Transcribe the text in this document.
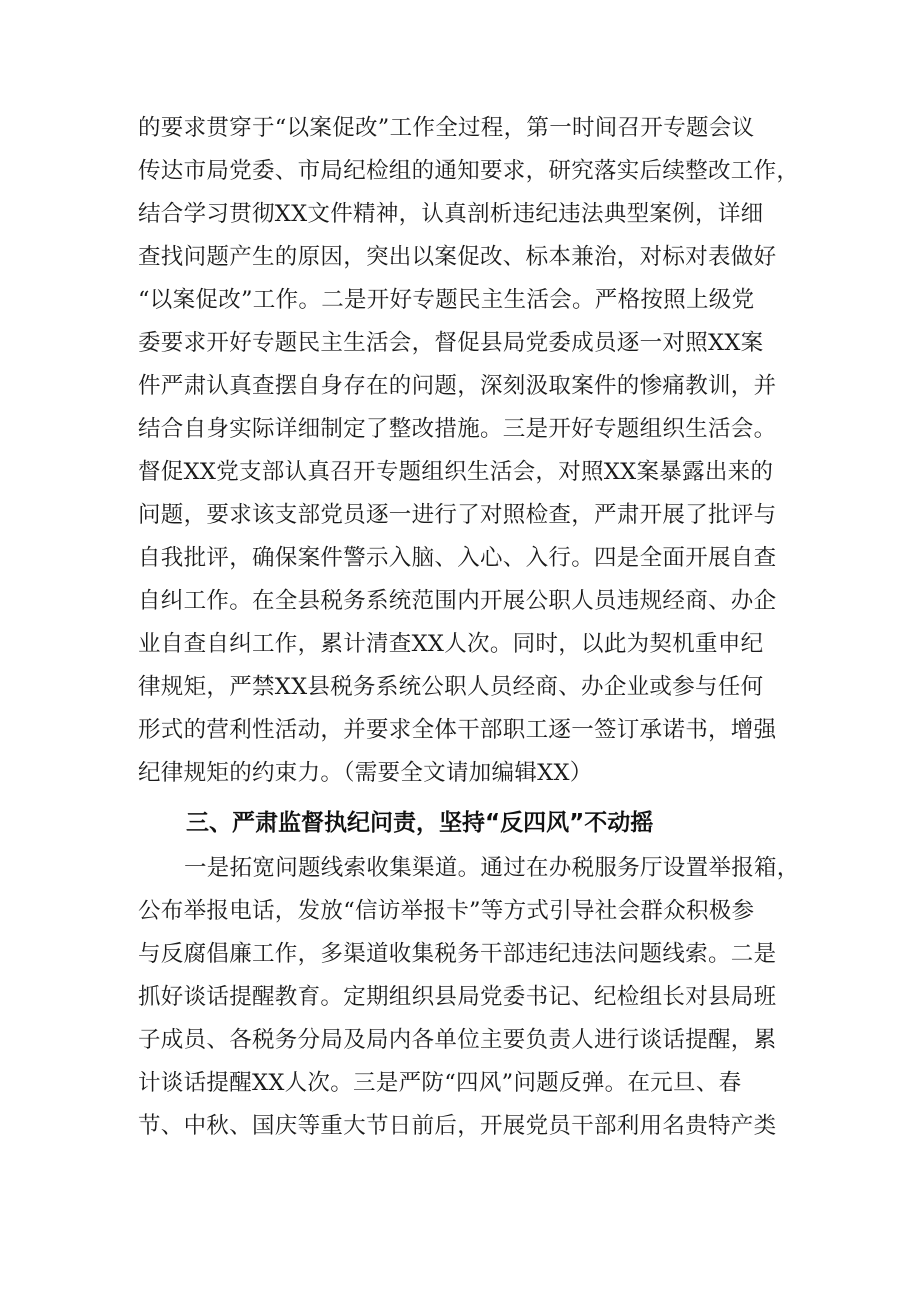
的要求贯穿于“以案促改”工作全过程，第一时间召开专题会议
传达市局党委、市局纪检组的通知要求，研究落实后续整改工作，
结合学习贯彻XX文件精神，认真剖析违纪违法典型案例，详细
查找问题产生的原因，突出以案促改、标本兼治，对标对表做好
“以案促改”工作。二是开好专题民主生活会。严格按照上级党
委要求开好专题民主生活会，督促县局党委成员逐一对照XX案
件严肃认真查摆自身存在的问题，深刻汲取案件的惨痛教训，并
结合自身实际详细制定了整改措施。三是开好专题组织生活会。
督促XX党支部认真召开专题组织生活会，对照XX案暴露出来的
问题，要求该支部党员逐一进行了对照检查，严肃开展了批评与
自我批评，确保案件警示入脑、入心、入行。四是全面开展自查
自纠工作。在全县税务系统范围内开展公职人员违规经商、办企
业自查自纠工作，累计清查XX人次。同时，以此为契机重申纪
律规矩，严禁XX县税务系统公职人员经商、办企业或参与任何
形式的营利性活动，并要求全体干部职工逐一签订承诺书，增强
纪律规矩的约束力。（需要全文请加编辑XX）
三、严肃监督执纪问责，坚持“反四风”不动摇
一是拓宽问题线索收集渠道。通过在办税服务厅设置举报箱，
公布举报电话，发放“信访举报卡”等方式引导社会群众积极参
与反腐倡廉工作，多渠道收集税务干部违纪违法问题线索。二是
抓好谈话提醒教育。定期组织县局党委书记、纪检组长对县局班
子成员、各税务分局及局内各单位主要负责人进行谈话提醒，累
计谈话提醒XX人次。三是严防“四风”问题反弹。在元旦、春
节、中秋、国庆等重大节日前后，开展党员干部利用名贵特产类
